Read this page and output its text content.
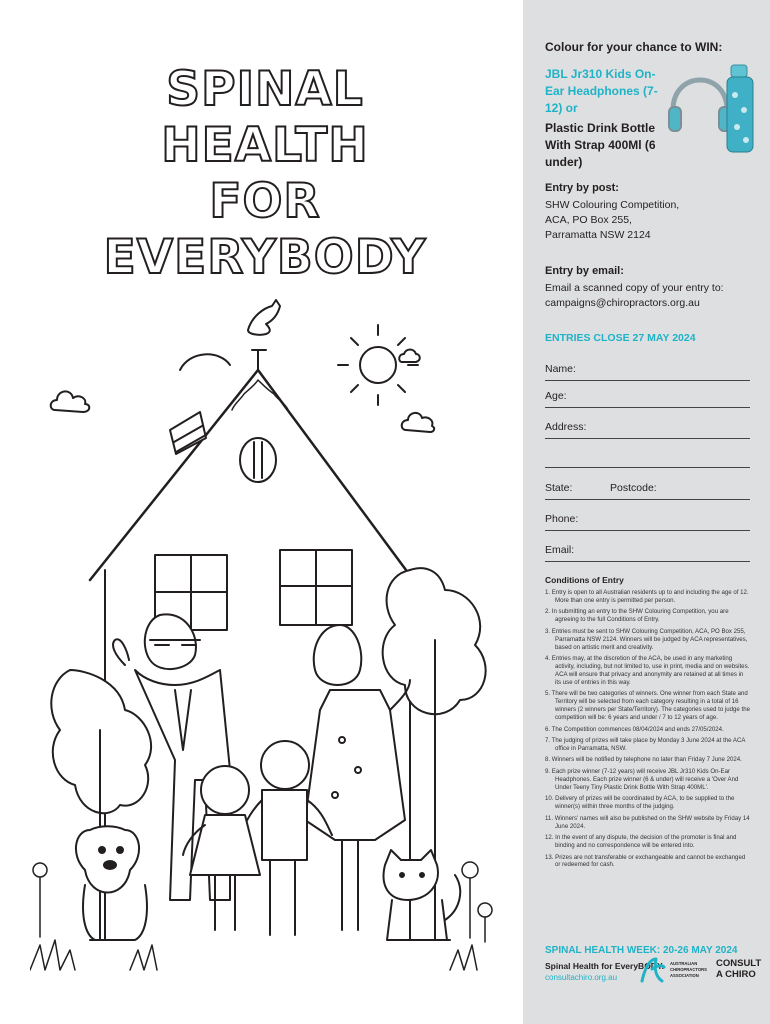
SPINAL HEALTH
FOR EVERYBODY
Colour for your chance to WIN:
JBL Jr310 Kids On-Ear Headphones (7-12) or
Plastic Drink Bottle With Strap 400Ml (6 under)
Entry by post:
SHW Colouring Competition,
ACA, PO Box 255,
Parramatta NSW 2124
Entry by email:
Email a scanned copy of your entry to:
campaigns@chiropractors.org.au
ENTRIES CLOSE 27 MAY 2024
Name:
Age:
Address:
State:	Postcode:
Phone:
Email:
Conditions of Entry
1. Entry is open to all Australian residents up to and including the age of 12. More than one entry is permitted per person.
2. In submitting an entry to the SHW Colouring Competition, you are agreeing to the full Conditions of Entry.
3. Entries must be sent to SHW Colouring Competition, ACA, PO Box 255, Parramatta NSW 2124. Winners will be judged by ACA representatives, based on artistic merit and creativity.
4. Entries may, at the discretion of the ACA, be used in any marketing activity, including, but not limited to, use in print, media and on websites. ACA will ensure that privacy and anonymity are retained at all times in its use of entries in this way.
5. There will be two categories of winners. One winner from each State and Territory will be selected from each category resulting in a total of 16 winners (2 winners per State/Territory). The categories used to judge the competition will be: 6 years and under / 7 to 12 years of age.
6. The Competition commences 08/04/2024 and ends 27/05/2024.
7. The judging of prizes will take place by Monday 3 June 2024 at the ACA office in Parramatta, NSW.
8. Winners will be notified by telephone no later than Friday 7 June 2024.
9. Each prize winner (7-12 years) will receive JBL Jr310 Kids On-Ear Headphones. Each prize winner (6 & under) will receive a 'Over And Under Teeny Tiny Plastic Drink Bottle With Strap 400ML'.
10. Delivery of prizes will be coordinated by ACA, to be supplied to the winner(s) within three months of the judging.
11. Winners' names will also be published on the SHW website by Friday 14 June 2024.
12. In the event of any dispute, the decision of the promoter is final and binding and no correspondence will be entered into.
13. Prizes are not transferable or exchangeable and cannot be exchanged or redeemed for cash.
SPINAL HEALTH WEEK: 20-26 MAY 2024
Spinal Health for EveryBODY.
consultachiro.org.au
AUSTRALIAN
CHIROPRACTORS
ASSOCIATION
CONSULT
A CHIRO
